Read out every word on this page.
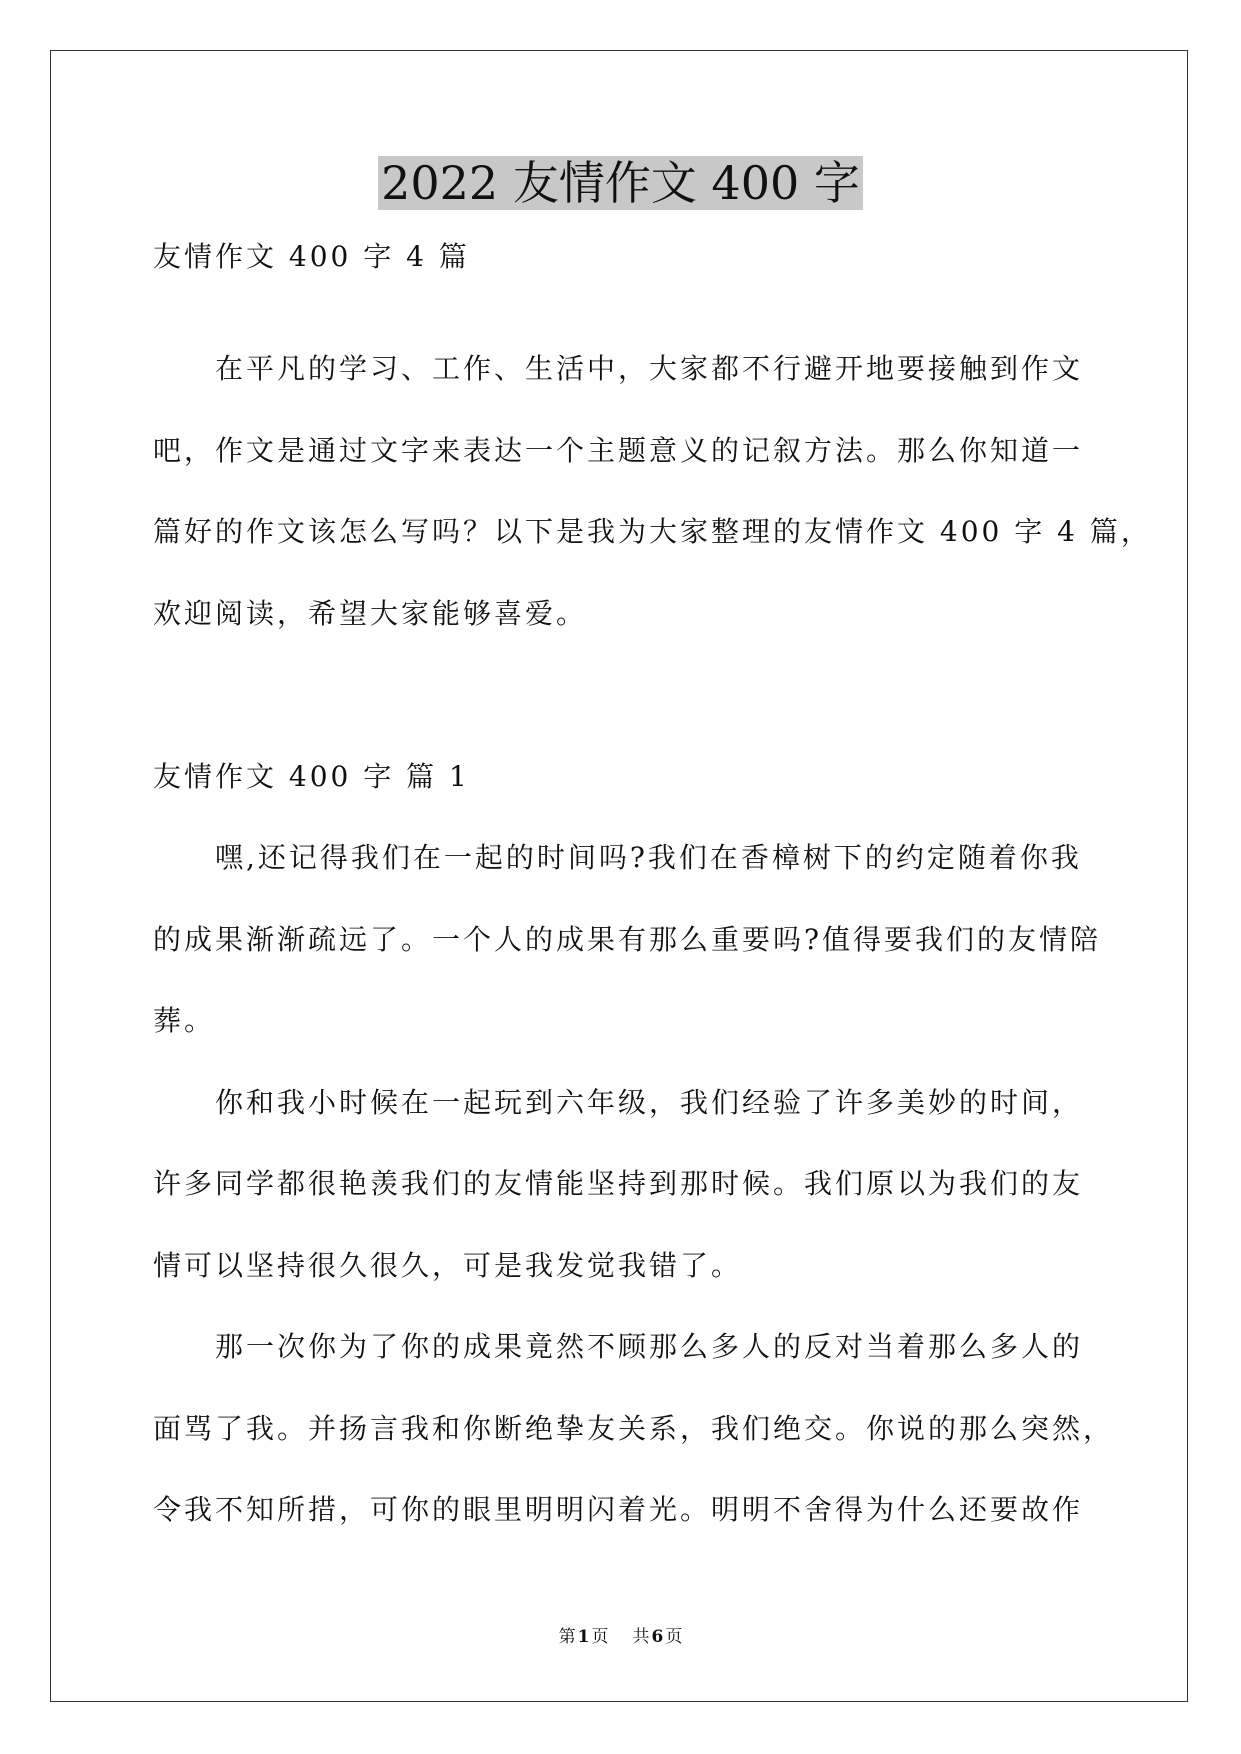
2022 友情作文 400 字
友情作文 400 字 4 篇
在平凡的学习、工作、生活中，大家都不行避开地要接触到作文
吧，作文是通过文字来表达一个主题意义的记叙方法。那么你知道一
篇好的作文该怎么写吗？以下是我为大家整理的友情作文 400 字 4 篇，
欢迎阅读，希望大家能够喜爱。
友情作文 400 字 篇 1
嘿,还记得我们在一起的时间吗?我们在香樟树下的约定随着你我
的成果渐渐疏远了。一个人的成果有那么重要吗?值得要我们的友情陪
葬。
你和我小时候在一起玩到六年级，我们经验了许多美妙的时间，
许多同学都很艳羡我们的友情能坚持到那时候。我们原以为我们的友
情可以坚持很久很久，可是我发觉我错了。
那一次你为了你的成果竟然不顾那么多人的反对当着那么多人的
面骂了我。并扬言我和你断绝挚友关系，我们绝交。你说的那么突然，
令我不知所措，可你的眼里明明闪着光。明明不舍得为什么还要故作
第 1 页 共 6 页
